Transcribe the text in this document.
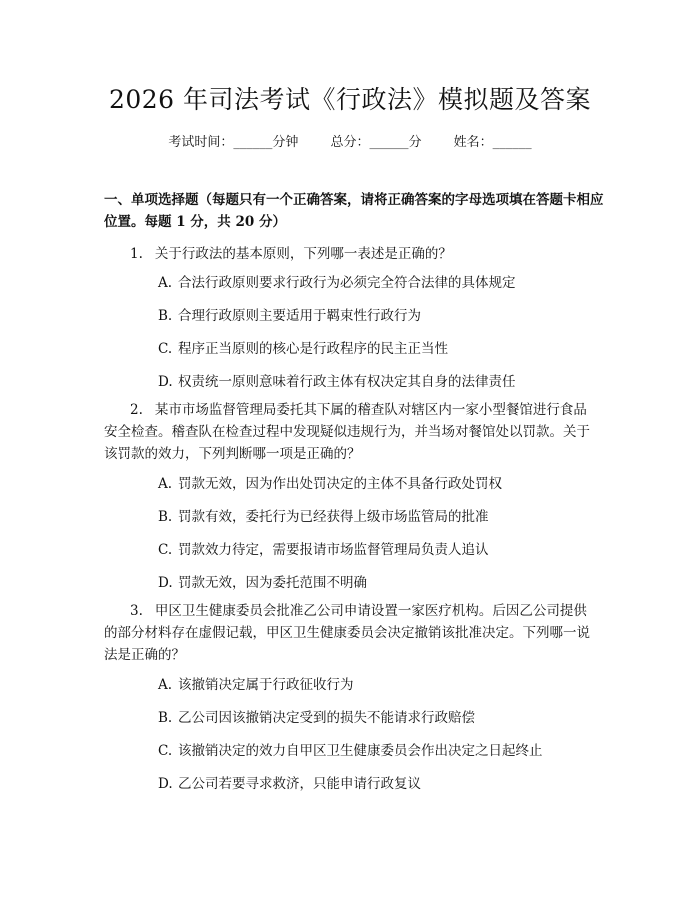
2026 年司法考试《行政法》模拟题及答案
考试时间：______分钟 总分：______分 姓名：______

一、单项选择题（每题只有一个正确答案，请将正确答案的字母选项填在答题卡相应位置。每题 1 分，共 20 分）

1. 关于行政法的基本原则，下列哪一表述是正确的？

A. 合法行政原则要求行政行为必须完全符合法律的具体规定
B. 合理行政原则主要适用于羁束性行政行为
C. 程序正当原则的核心是行政程序的民主正当性
D. 权责统一原则意味着行政主体有权决定其自身的法律责任

2. 某市市场监督管理局委托其下属的稽查队对辖区内一家小型餐馆进行食品安全检查。稽查队在检查过程中发现疑似违规行为，并当场对餐馆处以罚款。关于该罚款的效力，下列判断哪一项是正确的？

A. 罚款无效，因为作出处罚决定的主体不具备行政处罚权
B. 罚款有效，委托行为已经获得上级市场监管局的批准
C. 罚款效力待定，需要报请市场监督管理局负责人追认
D. 罚款无效，因为委托范围不明确

3. 甲区卫生健康委员会批准乙公司申请设置一家医疗机构。后因乙公司提供的部分材料存在虚假记载，甲区卫生健康委员会决定撤销该批准决定。下列哪一说法是正确的？

A. 该撤销决定属于行政征收行为
B. 乙公司因该撤销决定受到的损失不能请求行政赔偿
C. 该撤销决定的效力自甲区卫生健康委员会作出决定之日起终止
D. 乙公司若要寻求救济，只能申请行政复议
